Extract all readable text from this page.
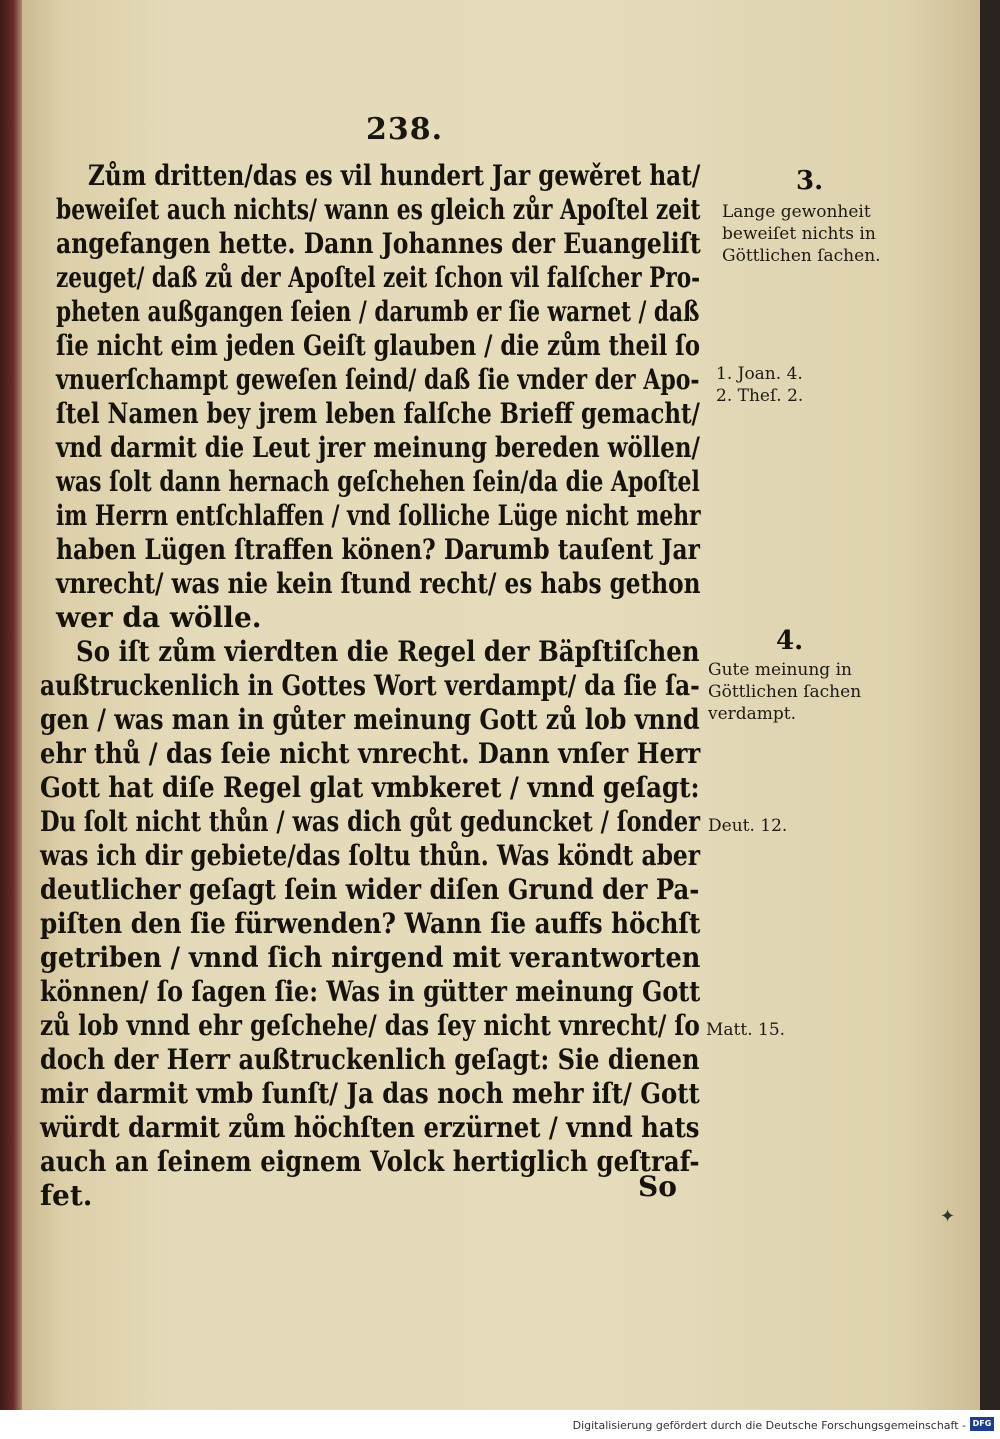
238.
Zům dritten/das es vil hundert Jar gewěret hat/
beweiſet auch nichts/ wann es gleich zůr Apoſtel zeit
angefangen hette. Dann Johannes der Euangeliſt
zeuget/ daß zů der Apoſtel zeit ſchon vil falſcher Pro-
pheten außgangen ſeien / darumb er ſie warnet / daß
ſie nicht eim jeden Geiſt glauben / die zům theil ſo
vnuerſchampt geweſen ſeind/ daß ſie vnder der Apo-
ſtel Namen bey jrem leben falſche Brieff gemacht/
vnd darmit die Leut jrer meinung bereden wöllen/
was ſolt dann hernach geſchehen ſein/da die Apoſtel
im Herrn entſchlaffen / vnd ſolliche Lüge nicht mehr
haben Lügen ſtraffen könen? Darumb tauſent Jar
vnrecht/ was nie kein ſtund recht/ es habs gethon
wer da wölle.
So iſt zům vierdten die Regel der Bäpſtiſchen
außtruckenlich in Gottes Wort verdampt/ da ſie ſa-
gen / was man in gůter meinung Gott zů lob vnnd
ehr thů / das ſeie nicht vnrecht. Dann vnſer Herr
Gott hat diſe Regel glat vmbkeret / vnnd geſagt:
Du ſolt nicht thůn / was dich gůt geduncket / ſonder
was ich dir gebiete/das ſoltu thůn. Was köndt aber
deutlicher geſagt ſein wider diſen Grund der Pa-
piſten den ſie fürwenden? Wann ſie auffs höchſt
getriben / vnnd ſich nirgend mit verantworten
können/ ſo ſagen ſie: Was in gütter meinung Gott
zů lob vnnd ehr geſchehe/ das ſey nicht vnrecht/ ſo
doch der Herr außtruckenlich geſagt: Sie dienen
mir darmit vmb ſunſt/ Ja das noch mehr iſt/ Gott
würdt darmit zům höchſten erzürnet / vnnd hats
auch an ſeinem eignem Volck hertiglich geſtraf-
fet.
3.
Lange gewonheit
beweiſet nichts in
Göttlichen ſachen.
1. Joan. 4.
2. Theſ. 2.
4.
Gute meinung in
Göttlichen ſachen
verdampt.
Deut. 12.
Matt. 15.
So
✦
Digitalisierung gefördert durch die Deutsche Forschungsgemeinschaft - DFG
